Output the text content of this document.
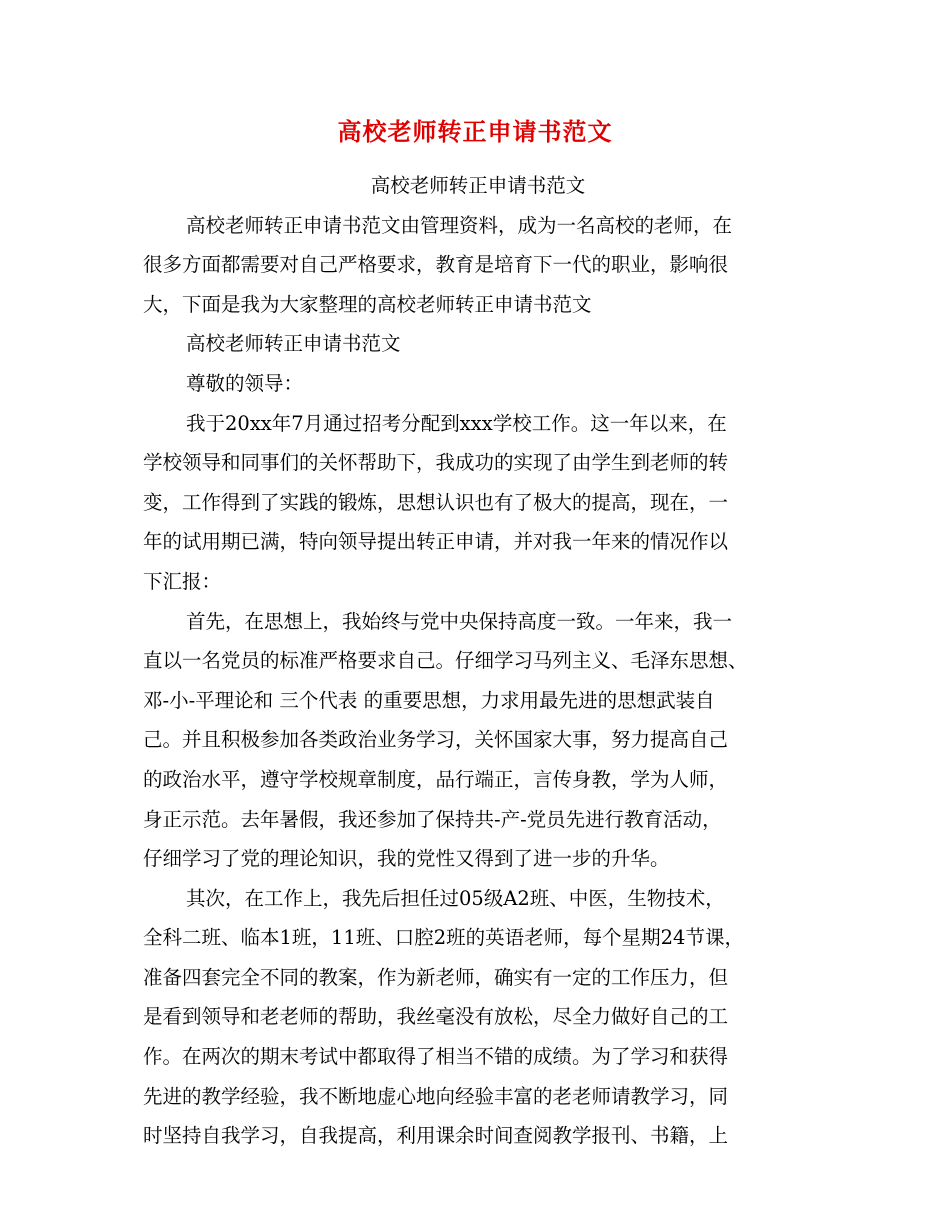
高校老师转正申请书范文
高校老师转正申请书范文
高校老师转正申请书范文由管理资料，成为一名高校的老师，在
很多方面都需要对自己严格要求，教育是培育下一代的职业，影响很
大，下面是我为大家整理的高校老师转正申请书范文
高校老师转正申请书范文
尊敬的领导：
我于20xx年7月通过招考分配到xxx学校工作。这一年以来，在
学校领导和同事们的关怀帮助下，我成功的实现了由学生到老师的转
变，工作得到了实践的锻炼，思想认识也有了极大的提高，现在，一
年的试用期已满，特向领导提出转正申请，并对我一年来的情况作以
下汇报：
首先，在思想上，我始终与党中央保持高度一致。一年来，我一
直以一名党员的标准严格要求自己。仔细学习马列主义、毛泽东思想、
邓-小-平理论和 三个代表 的重要思想，力求用最先进的思想武装自
己。并且积极参加各类政治业务学习，关怀国家大事，努力提高自己
的政治水平，遵守学校规章制度，品行端正，言传身教，学为人师，
身正示范。去年暑假，我还参加了保持共-产-党员先进行教育活动，
仔细学习了党的理论知识，我的党性又得到了进一步的升华。
其次，在工作上，我先后担任过05级A2班、中医，生物技术，
全科二班、临本1班，11班、口腔2班的英语老师，每个星期24节课，
准备四套完全不同的教案，作为新老师，确实有一定的工作压力，但
是看到领导和老老师的帮助，我丝毫没有放松，尽全力做好自己的工
作。在两次的期末考试中都取得了相当不错的成绩。为了学习和获得
先进的教学经验，我不断地虚心地向经验丰富的老老师请教学习，同
时坚持自我学习，自我提高，利用课余时间查阅教学报刊、书籍，上
